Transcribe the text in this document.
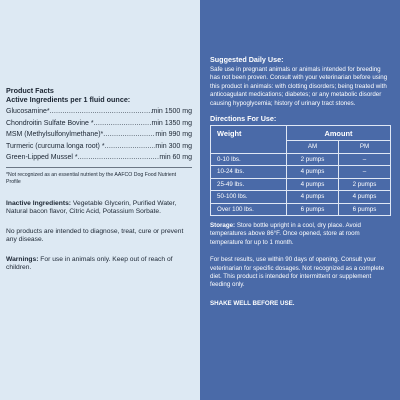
Product Facts
Active Ingredients per 1 fluid ounce:
Glucosamine* .....	min 1500 mg
Chondroitin Sulfate Bovine * .....	min 1350 mg
MSM (Methylsulfonylmethane)* .....	min 990 mg
Turmeric (curcuma longa root) * .....	min 300 mg
Green-Lipped Mussel * .....	min 60 mg
*Not recognized as an essential nutrient by the AAFCO Dog Food Nutrient Profile
Inactive Ingredients: Vegetable Glycerin, Purified Water, Natural bacon flavor, Citric Acid, Potassium Sorbate.
No products are intended to diagnose, treat, cure or prevent any disease.
Warnings: For use in animals only. Keep out of reach of children.
Suggested Daily Use:
Safe use in pregnant animals or animals intended for breeding has not been proven. Consult with your veterinarian before using this product in animals: with clotting disorders; being treated with anticoagulant medications; diabetes; or any metabolic disorder causing hypoglycemia; history of urinary tract stones.
Directions For Use:
Weight	Amount	
	AM	PM
0-10 lbs.	2 pumps	–
10-24 lbs.	4 pumps	–
25-49 lbs.	4 pumps	2 pumps
50-100 lbs.	4 pumps	4 pumps
Over 100 lbs.	6 pumps	6 pumps
Storage: Store bottle upright in a cool, dry place. Avoid temperatures above 86°F. Once opened, store at room temperature for up to 1 month.
For best results, use within 90 days of opening. Consult your veterinarian for specific dosages. Not recognized as a complete diet. This product is intended for intermittent or supplement feeding only.
SHAKE WELL BEFORE USE.
